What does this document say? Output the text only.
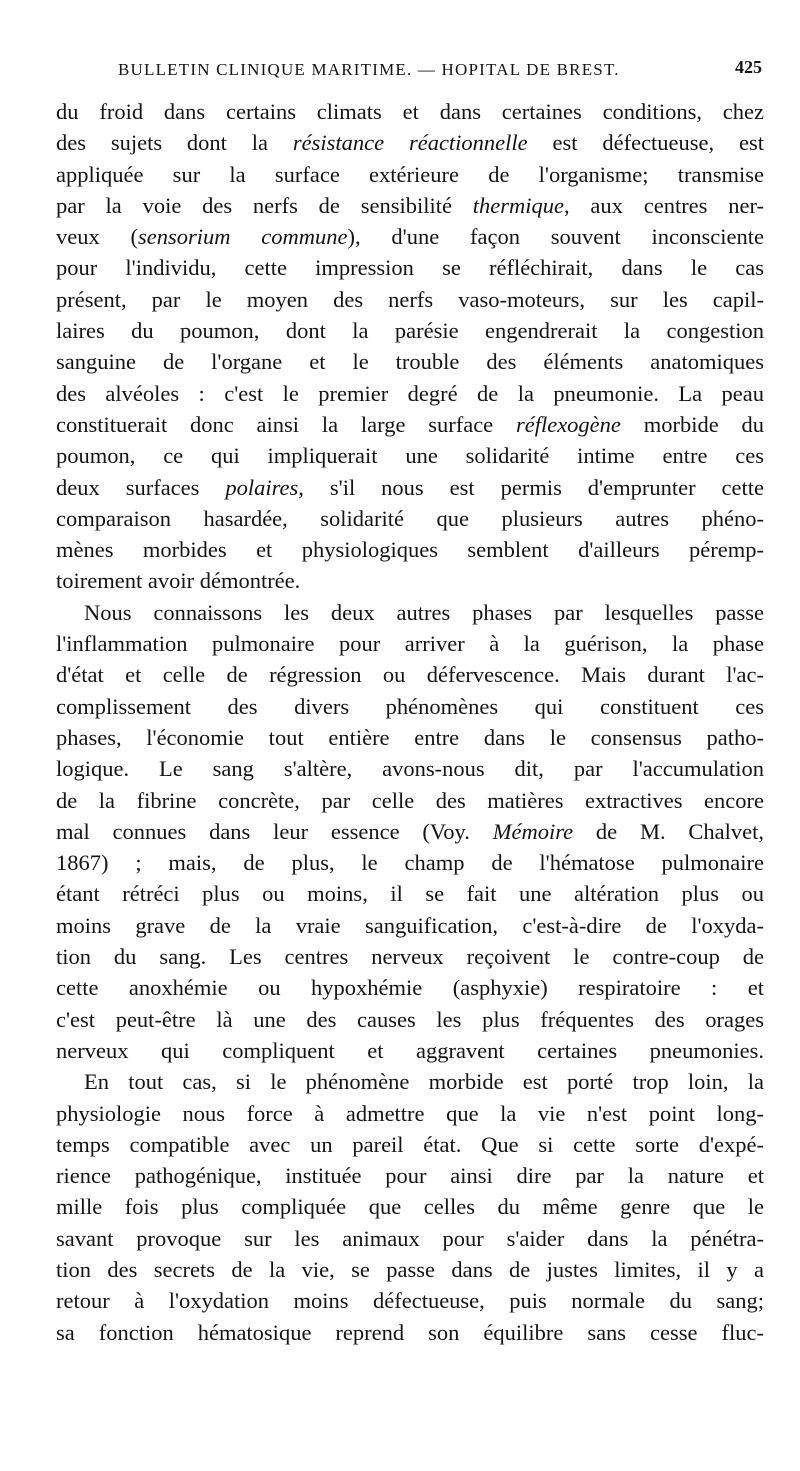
BULLETIN CLINIQUE MARITIME. — HOPITAL DE BREST.	425
du froid dans certains climats et dans certaines conditions, chez
des sujets dont la résistance réactionnelle est défectueuse, est
appliquée sur la surface extérieure de l'organisme; transmise
par la voie des nerfs de sensibilité thermique, aux centres ner-
veux (sensorium commune), d'une façon souvent inconsciente
pour l'individu, cette impression se réfléchirait, dans le cas
présent, par le moyen des nerfs vaso-moteurs, sur les capil-
laires du poumon, dont la parésie engendrerait la congestion
sanguine de l'organe et le trouble des éléments anatomiques
des alvéoles : c'est le premier degré de la pneumonie. La peau
constituerait donc ainsi la large surface réflexogène morbide du
poumon, ce qui impliquerait une solidarité intime entre ces
deux surfaces polaires, s'il nous est permis d'emprunter cette
comparaison hasardée, solidarité que plusieurs autres phéno-
mènes morbides et physiologiques semblent d'ailleurs péremp-
toirement avoir démontrée.
Nous connaissons les deux autres phases par lesquelles passe
l'inflammation pulmonaire pour arriver à la guérison, la phase
d'état et celle de régression ou défervescence. Mais durant l'ac-
complissement des divers phénomènes qui constituent ces
phases, l'économie tout entière entre dans le consensus patho-
logique. Le sang s'altère, avons-nous dit, par l'accumulation
de la fibrine concrète, par celle des matières extractives encore
mal connues dans leur essence (Voy. Mémoire de M. Chalvet,
1867) ; mais, de plus, le champ de l'hématose pulmonaire
étant rétréci plus ou moins, il se fait une altération plus ou
moins grave de la vraie sanguification, c'est-à-dire de l'oxyda-
tion du sang. Les centres nerveux reçoivent le contre-coup de
cette anoxhémie ou hypoxhémie (asphyxie) respiratoire : et
c'est peut-être là une des causes les plus fréquentes des orages
nerveux qui compliquent et aggravent certaines pneumonies.
En tout cas, si le phénomène morbide est porté trop loin, la
physiologie nous force à admettre que la vie n'est point long-
temps compatible avec un pareil état. Que si cette sorte d'expé-
rience pathogénique, instituée pour ainsi dire par la nature et
mille fois plus compliquée que celles du même genre que le
savant provoque sur les animaux pour s'aider dans la pénétra-
tion des secrets de la vie, se passe dans de justes limites, il y a
retour à l'oxydation moins défectueuse, puis normale du sang;
sa fonction hématosique reprend son équilibre sans cesse fluc-
